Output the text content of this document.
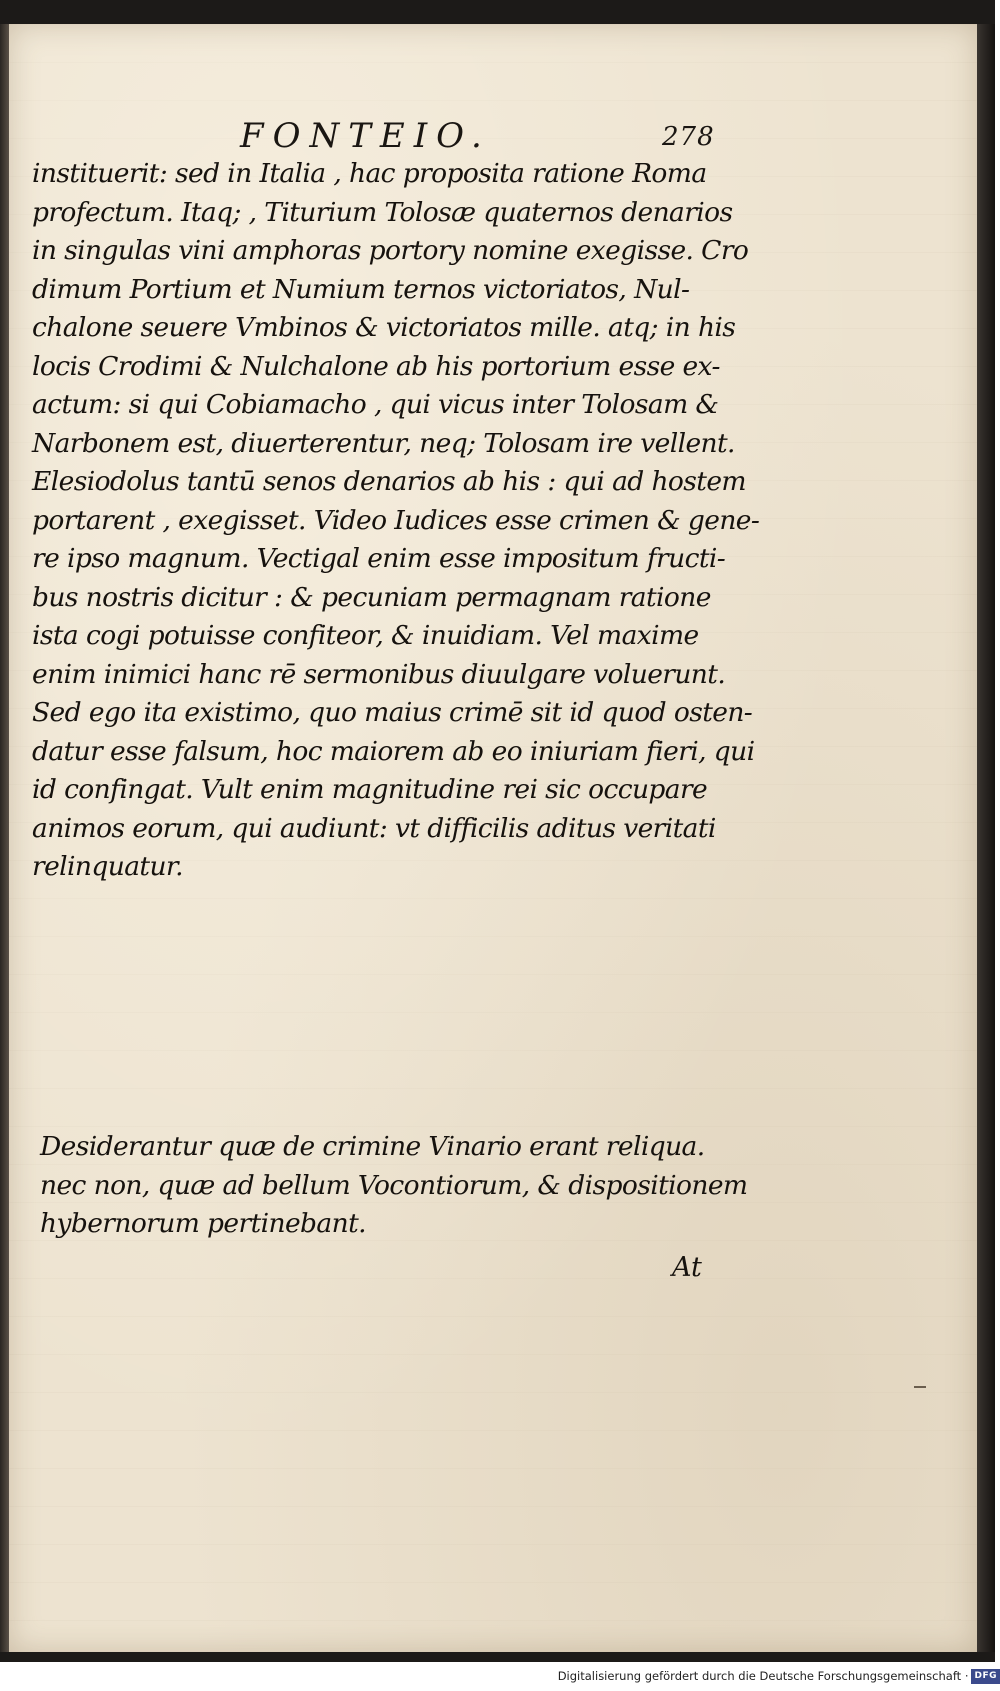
FONTEIO.	278
instituerit: sed in Italia , hac proposita ratione Roma
profectum. Itaq; , Titurium Tolosæ quaternos denarios
in singulas vini amphoras portory nomine exegisse. Cro
dimum Portium et Numium ternos victoriatos, Nul-
chalone seuere Vmbinos & victoriatos mille. atq; in his
locis Crodimi & Nulchalone ab his portorium esse ex-
actum: si qui Cobiamacho , qui vicus inter Tolosam &
Narbonem est, diuerterentur, neq; Tolosam ire vellent.
Elesiodolus tantū senos denarios ab his : qui ad hostem
portarent , exegisset. Video Iudices esse crimen & gene-
re ipso magnum. Vectigal enim esse impositum fructi-
bus nostris dicitur : & pecuniam permagnam ratione
ista cogi potuisse confiteor, & inuidiam. Vel maxime
enim inimici hanc rē sermonibus diuulgare voluerunt.
Sed ego ita existimo, quo maius crimē sit id quod osten-
datur esse falsum, hoc maiorem ab eo iniuriam fieri, qui
id confingat. Vult enim magnitudine rei sic occupare
animos eorum, qui audiunt: vt difficilis aditus veritati
relinquatur.
Desiderantur quæ de crimine Vinario erant reliqua.
nec non, quæ ad bellum Vocontiorum, & dispositionem
hybernorum pertinebant.
At
Digitalisierung gefördert durch die Deutsche Forschungsgemeinschaft · DFG
